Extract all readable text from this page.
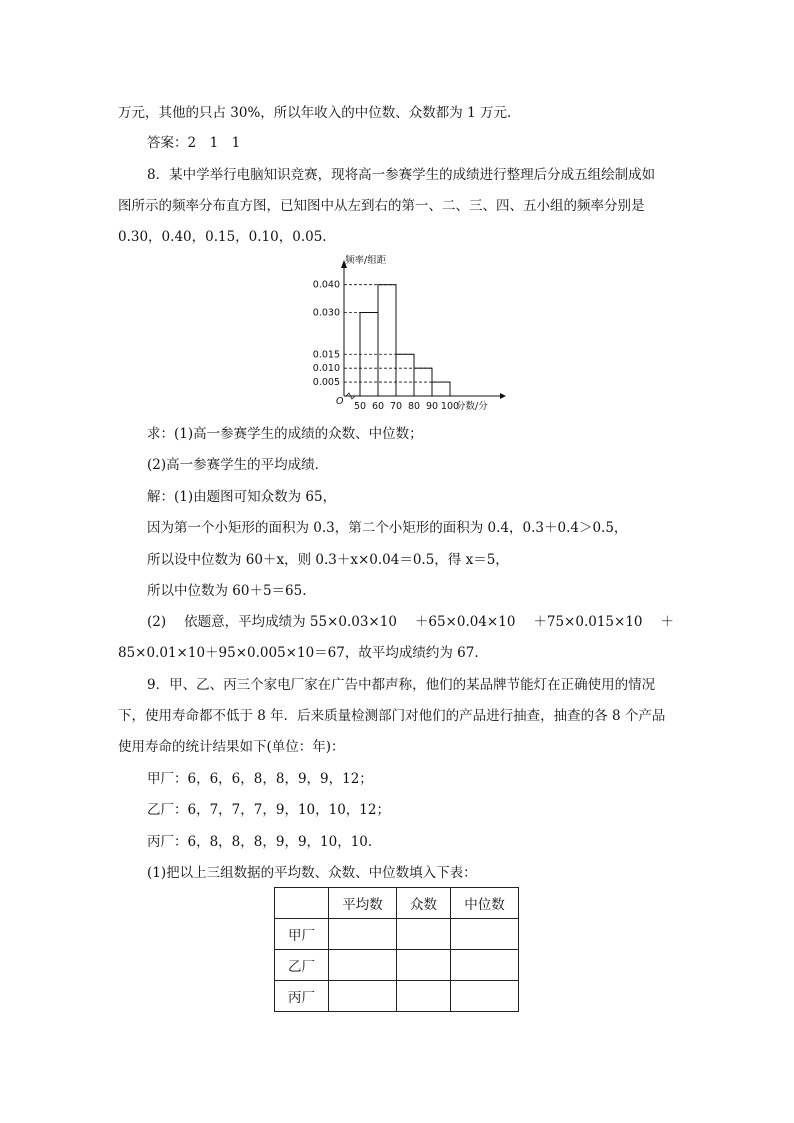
万元，其他的只占 30%，所以年收入的中位数、众数都为 1 万元．
答案：2　1　1
8．某中学举行电脑知识竞赛，现将高一参赛学生的成绩进行整理后分成五组绘制成如
图所示的频率分布直方图，已知图中从左到右的第一、二、三、四、五小组的频率分别是
0.30，0.40，0.15，0.10，0.05.
0.005
0.010
0.015
0.030
0.040
50 60 70 80 90 100
O
频率/组距
分数/分
求：(1)高一参赛学生的成绩的众数、中位数；
(2)高一参赛学生的平均成绩．
解：(1)由题图可知众数为 65，
因为第一个小矩形的面积为 0.3，第二个小矩形的面积为 0.4，0.3＋0.4＞0.5，
所以设中位数为 60＋x，则 0.3＋x×0.04＝0.5，得 x＝5，
所以中位数为 60＋5＝65.
(2) 依题意，平均成绩为 55×0.03×10 ＋65×0.04×10 ＋75×0.015×10 ＋
85×0.01×10＋95×0.005×10＝67，故平均成绩约为 67.
9．甲、乙、丙三个家电厂家在广告中都声称，他们的某品牌节能灯在正确使用的情况
下，使用寿命都不低于 8 年．后来质量检测部门对他们的产品进行抽查，抽查的各 8 个产品
使用寿命的统计结果如下(单位：年)：
甲厂：6，6，6，8，8，9，9，12；
乙厂：6，7，7，7，9，10，10，12；
丙厂：6，8，8，8，9，9，10，10.
(1)把以上三组数据的平均数、众数、中位数填入下表：
	平均数	众数	中位数
甲厂			
乙厂			
丙厂			
